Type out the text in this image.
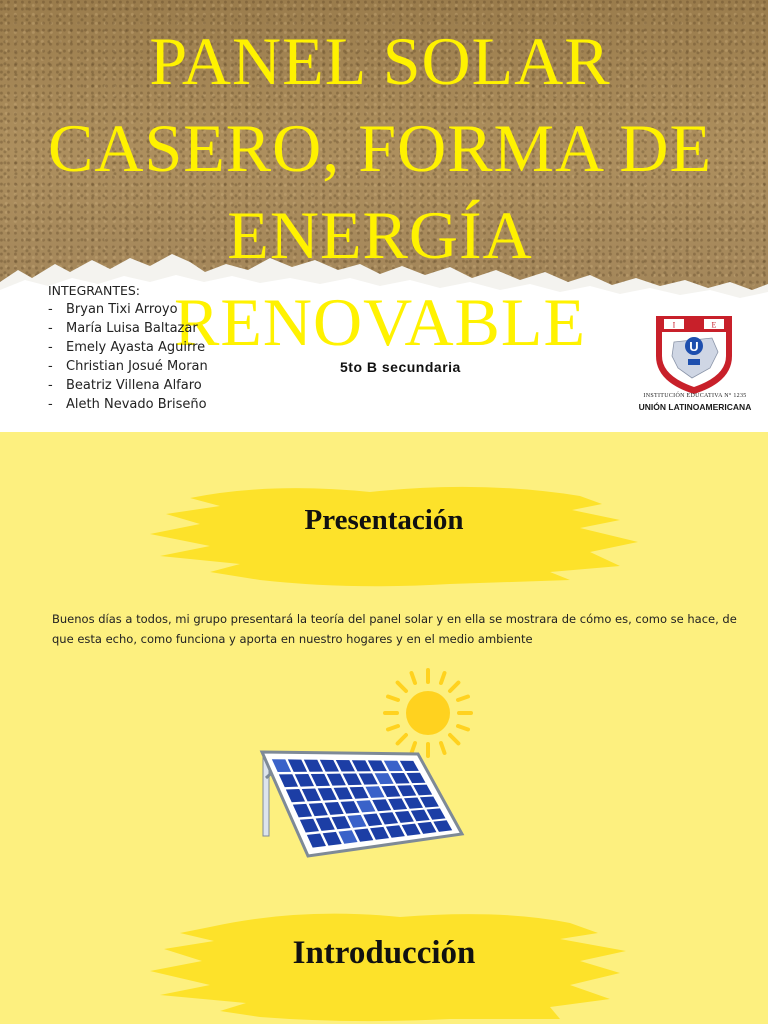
PANEL SOLAR CASERO, FORMA DE ENERGÍA RENOVABLE
INTEGRANTES:
- Bryan Tixi Arroyo
- María Luisa Baltazar
- Emely Ayasta Aguirre
- Christian Josué Moran
- Beatriz Villena Alfaro
- Aleth Nevado Briseño
5to B secundaria
I	E
U
INSTITUCIÓN EDUCATIVA N° 1235
UNIÓN LATINOAMERICANA
Presentación

Buenos días a todos, mi grupo presentará la teoría del panel solar y en ella se mostrara de cómo es, como se hace, de que esta echo, como funciona y aporta en nuestro hogares y en el medio ambiente

Introducción
